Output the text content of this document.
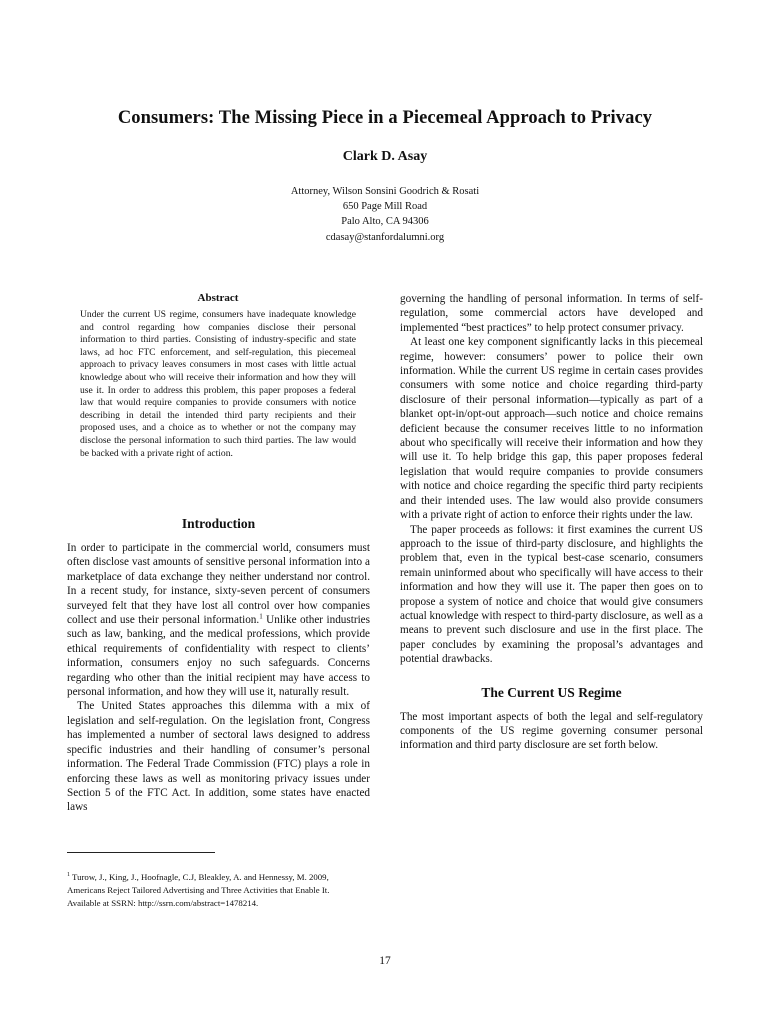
Consumers: The Missing Piece in a Piecemeal Approach to Privacy
Clark D. Asay
Attorney, Wilson Sonsini Goodrich & Rosati
650 Page Mill Road
Palo Alto, CA 94306
cdasay@stanfordalumni.org
Abstract

Under the current US regime, consumers have inadequate knowledge and control regarding how companies disclose their personal information to third parties. Consisting of industry-specific and state laws, ad hoc FTC enforcement, and self-regulation, this piecemeal approach to privacy leaves consumers in most cases with little actual knowledge about who will receive their information and how they will use it. In order to address this problem, this paper proposes a federal law that would require companies to provide consumers with notice describing in detail the intended third party recipients and their proposed uses, and a choice as to whether or not the company may disclose the personal information to such third parties. The law would be backed with a private right of action.

Introduction

In order to participate in the commercial world, consumers must often disclose vast amounts of sensitive personal information into a marketplace of data exchange they neither understand nor control. In a recent study, for instance, sixty-seven percent of consumers surveyed felt that they have lost all control over how companies collect and use their personal information.$^1$ Unlike other industries such as law, banking, and the medical professions, which provide ethical requirements of confidentiality with respect to clients’ information, consumers enjoy no such safeguards. Concerns regarding who other than the initial recipient may have access to personal information, and how they will use it, naturally result.

The United States approaches this dilemma with a mix of legislation and self-regulation. On the legislation front, Congress has implemented a number of sectoral laws designed to address specific industries and their handling of consumer’s personal information. The Federal Trade Commission (FTC) plays a role in enforcing these laws as well as monitoring privacy issues under Section 5 of the FTC Act. In addition, some states have enacted laws

governing the handling of personal information. In terms of self-regulation, some commercial actors have developed and implemented “best practices” to help protect consumer privacy.

At least one key component significantly lacks in this piecemeal regime, however: consumers’ power to police their own information. While the current US regime in certain cases provides consumers with some notice and choice regarding third-party disclosure of their personal information—typically as part of a blanket opt-in/opt-out approach—such notice and choice remains deficient because the consumer receives little to no information about who specifically will receive their information and how they will use it. To help bridge this gap, this paper proposes federal legislation that would require companies to provide consumers with notice and choice regarding the specific third party recipients and their intended uses. The law would also provide consumers with a private right of action to enforce their rights under the law.

The paper proceeds as follows: it first examines the current US approach to the issue of third-party disclosure, and highlights the problem that, even in the typical best-case scenario, consumers remain uninformed about who specifically will have access to their information and how they will use it. The paper then goes on to propose a system of notice and choice that would give consumers actual knowledge with respect to third-party disclosure, as well as a means to prevent such disclosure and use in the first place. The paper concludes by examining the proposal’s advantages and potential drawbacks.

The Current US Regime

The most important aspects of both the legal and self-regulatory components of the US regime governing consumer personal information and third party disclosure are set forth below.

$^1$ Turow, J., King, J., Hoofnagle, C.J, Bleakley, A. and Hennessy, M. 2009, Americans Reject Tailored Advertising and Three Activities that Enable It. Available at SSRN: http://ssrn.com/abstract=1478214.

17
